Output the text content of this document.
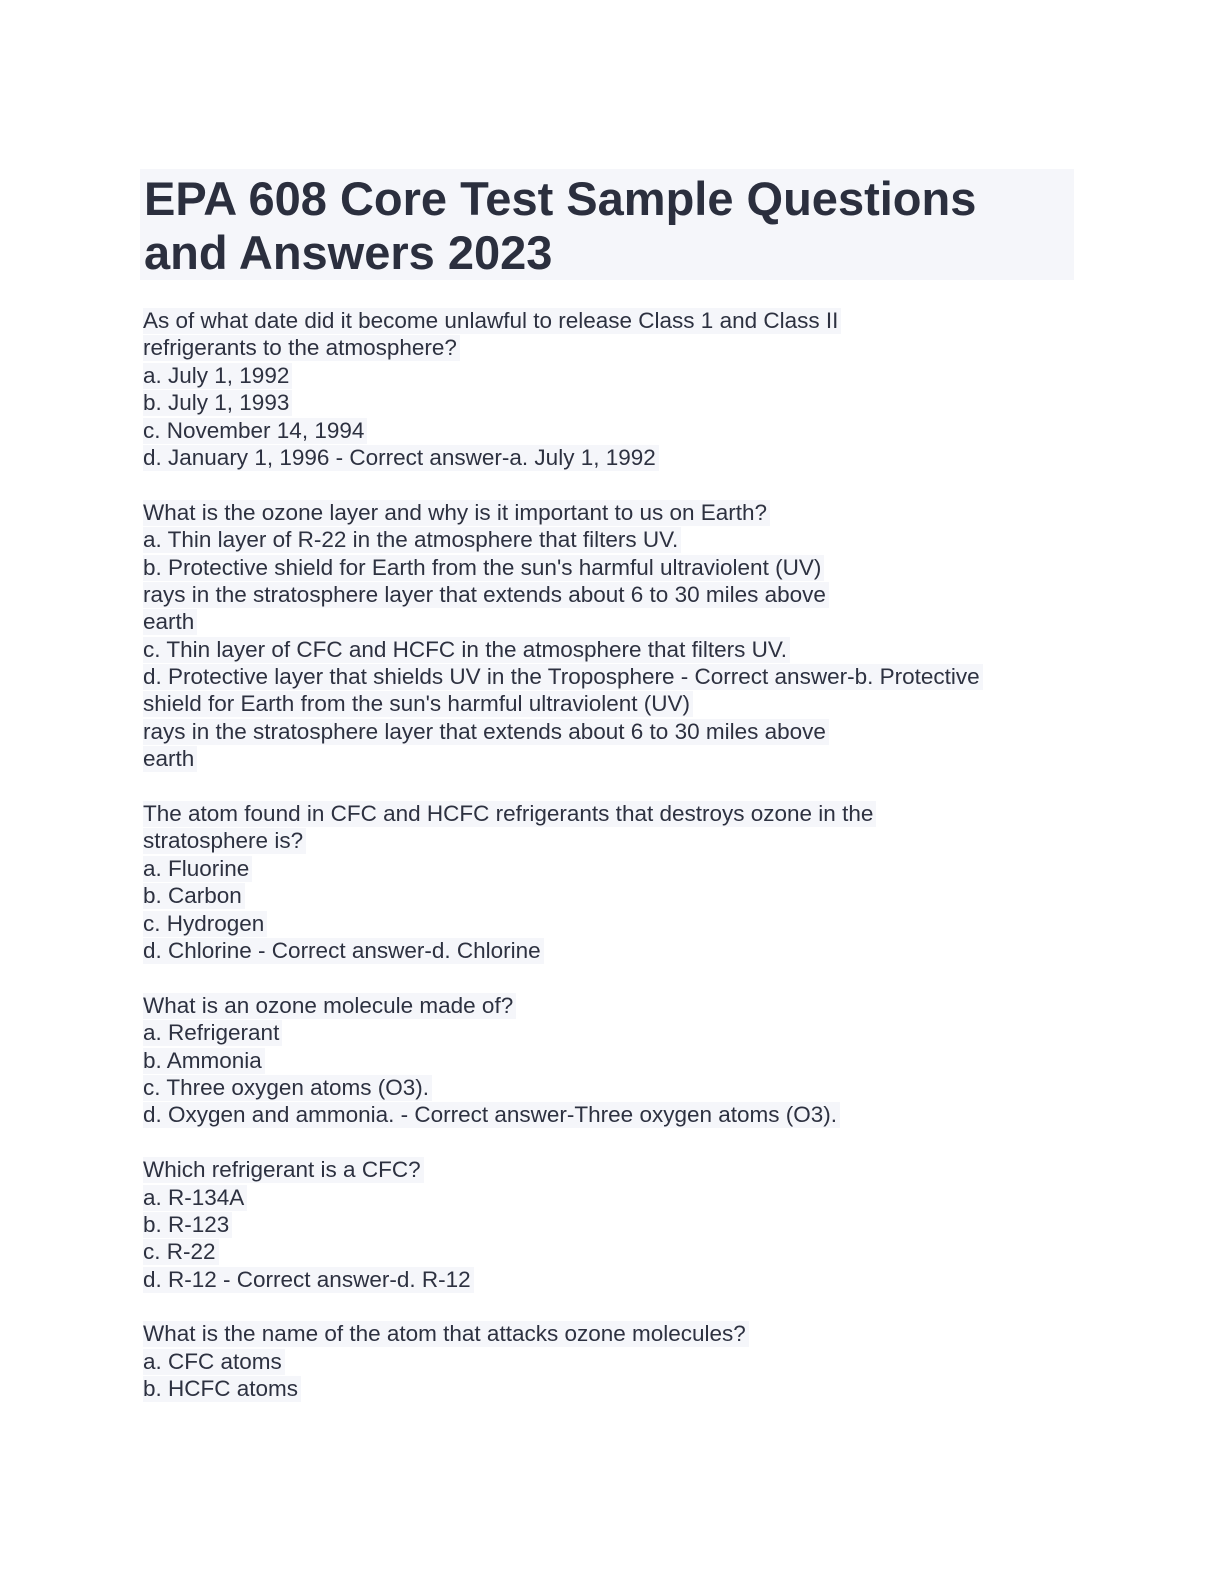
EPA 608 Core Test Sample Questions
and Answers 2023
As of what date did it become unlawful to release Class 1 and Class II
refrigerants to the atmosphere?
a. July 1, 1992
b. July 1, 1993
c. November 14, 1994
d. January 1, 1996 - Correct answer-a. July 1, 1992
What is the ozone layer and why is it important to us on Earth?
a. Thin layer of R-22 in the atmosphere that filters UV.
b. Protective shield for Earth from the sun's harmful ultraviolent (UV)
rays in the stratosphere layer that extends about 6 to 30 miles above
earth
c. Thin layer of CFC and HCFC in the atmosphere that filters UV.
d. Protective layer that shields UV in the Troposphere - Correct answer-b. Protective
shield for Earth from the sun's harmful ultraviolent (UV)
rays in the stratosphere layer that extends about 6 to 30 miles above
earth
The atom found in CFC and HCFC refrigerants that destroys ozone in the
stratosphere is?
a. Fluorine
b. Carbon
c. Hydrogen
d. Chlorine - Correct answer-d. Chlorine
What is an ozone molecule made of?
a. Refrigerant
b. Ammonia
c. Three oxygen atoms (O3).
d. Oxygen and ammonia. - Correct answer-Three oxygen atoms (O3).
Which refrigerant is a CFC?
a. R-134A
b. R-123
c. R-22
d. R-12 - Correct answer-d. R-12
What is the name of the atom that attacks ozone molecules?
a. CFC atoms
b. HCFC atoms
